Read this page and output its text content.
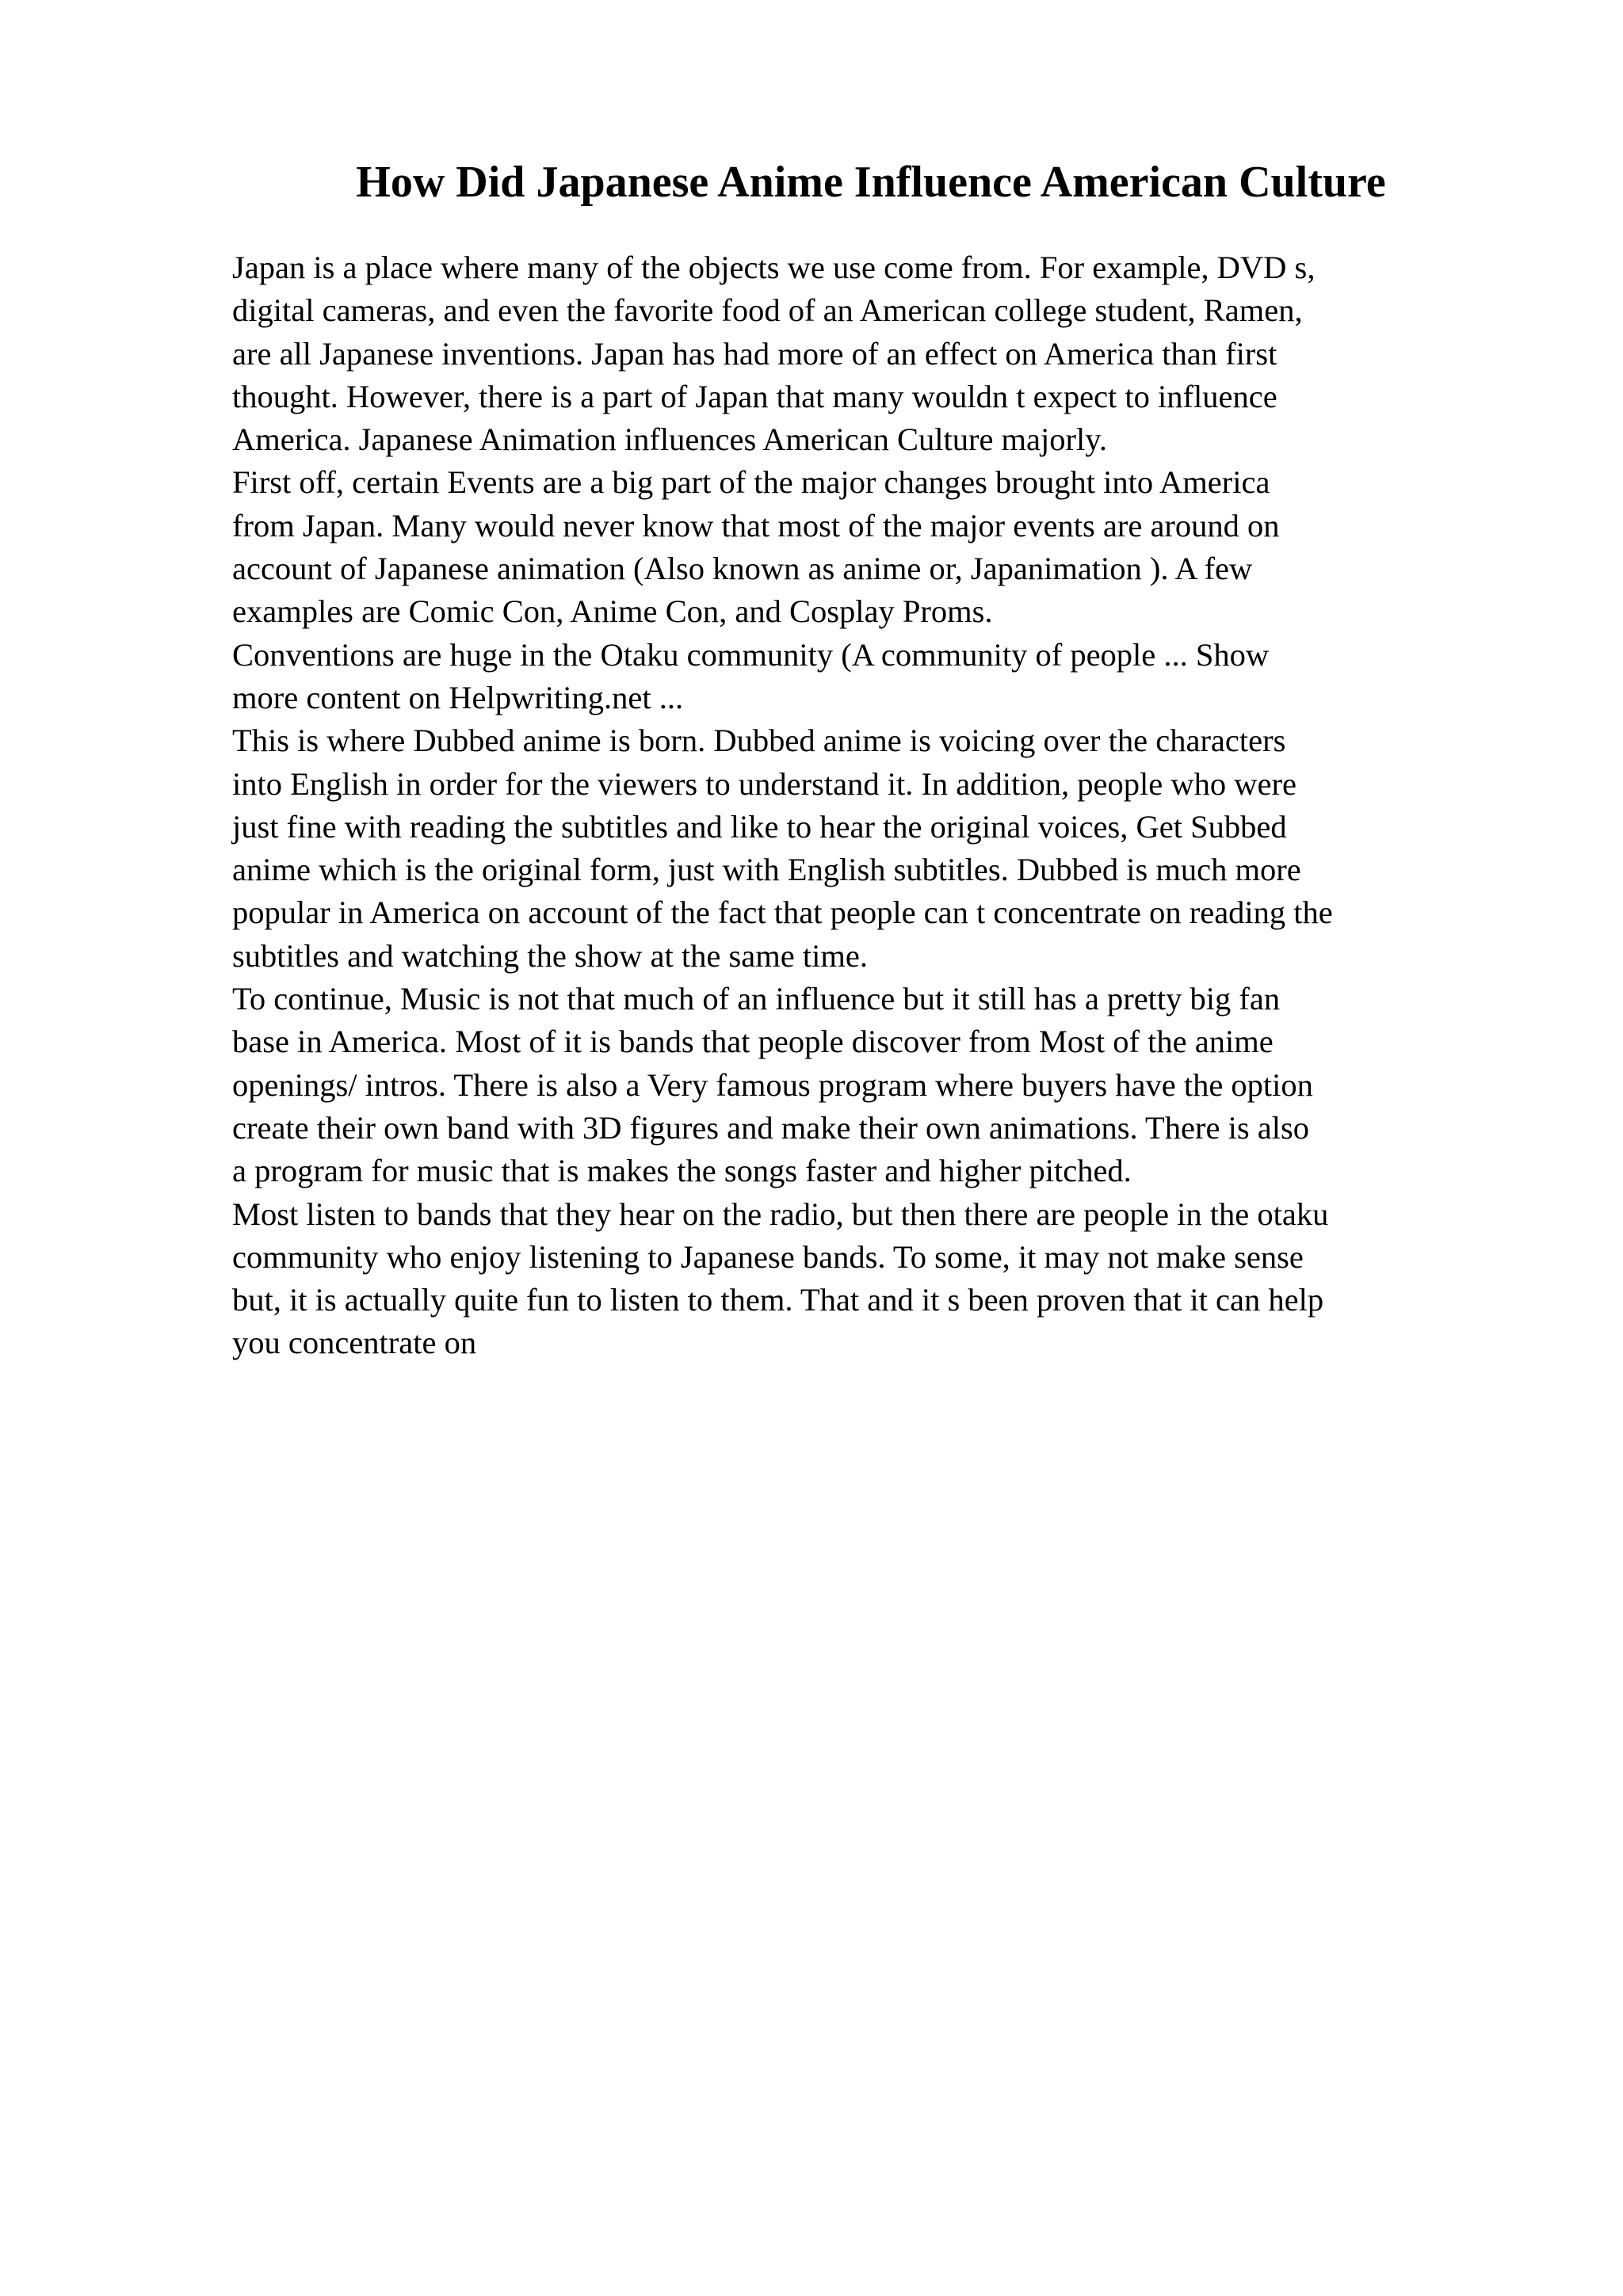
How Did Japanese Anime Influence American Culture
Japan is a place where many of the objects we use come from. For example, DVD s,
digital cameras, and even the favorite food of an American college student, Ramen,
are all Japanese inventions. Japan has had more of an effect on America than first
thought. However, there is a part of Japan that many wouldn t expect to influence
America. Japanese Animation influences American Culture majorly.
First off, certain Events are a big part of the major changes brought into America
from Japan. Many would never know that most of the major events are around on
account of Japanese animation (Also known as anime or, Japanimation ). A few
examples are Comic Con, Anime Con, and Cosplay Proms.
Conventions are huge in the Otaku community (A community of people ... Show
more content on Helpwriting.net ...
This is where Dubbed anime is born. Dubbed anime is voicing over the characters
into English in order for the viewers to understand it. In addition, people who were
just fine with reading the subtitles and like to hear the original voices, Get Subbed
anime which is the original form, just with English subtitles. Dubbed is much more
popular in America on account of the fact that people can t concentrate on reading the
subtitles and watching the show at the same time.
To continue, Music is not that much of an influence but it still has a pretty big fan
base in America. Most of it is bands that people discover from Most of the anime
openings/ intros. There is also a Very famous program where buyers have the option
create their own band with 3D figures and make their own animations. There is also
a program for music that is makes the songs faster and higher pitched.
Most listen to bands that they hear on the radio, but then there are people in the otaku
community who enjoy listening to Japanese bands. To some, it may not make sense
but, it is actually quite fun to listen to them. That and it s been proven that it can help
you concentrate on
